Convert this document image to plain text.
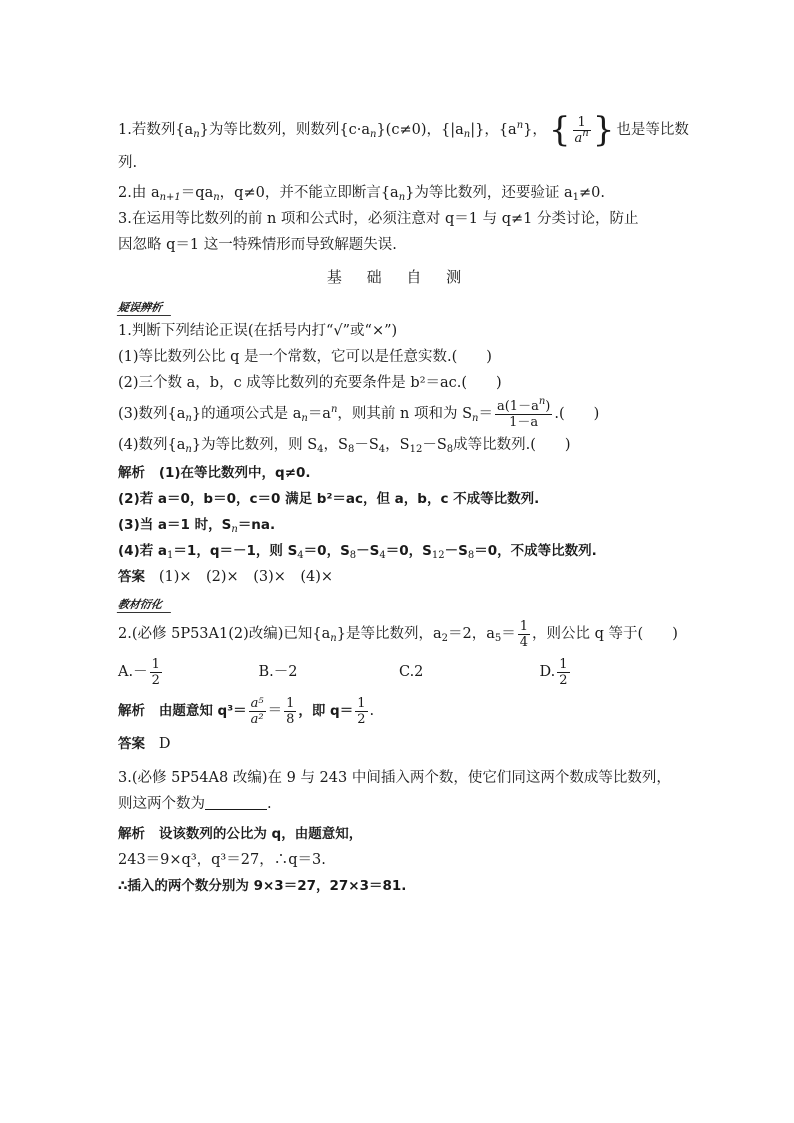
1.若数列$\{a_n\}$为等比数列，则数列$\{c\cdot a_n\}(c\ne 0)$，$\{|a_n|\}$，$\{a^n\}$，{ $\frac{1}{a^n}$ } 也是等比数
列.
2.由 $a_{n+1}=qa_n$，q≠0，并不能立即断言$\{a_n\}$为等比数列，还要验证 $a_1\ne 0$.
3.在运用等比数列的前 n 项和公式时，必须注意对 q＝1 与 q≠1 分类讨论，防止
因忽略 q＝1 这一特殊情形而导致解题失误.
基 础 自 测
疑误辨析
1.判断下列结论正误(在括号内打“√”或“×”)
(1)等比数列公比 q 是一个常数，它可以是任意实数.(　　)
(2)三个数 a，b，c 成等比数列的充要条件是 b²＝ac.(　　)
(3)数列$\{a_n\}$的通项公式是 $a_n=a^n$，则其前 n 项和为 $S_n= \frac{a(1-a^n)}{1-a}$ .(　　)
(4)数列$\{a_n\}$为等比数列，则 $S_4$，$S_8-S_4$，$S_{12}-S_8$成等比数列.(　　)
解析 (1)在等比数列中，q≠0.
(2)若 a＝0，b＝0，c＝0 满足 b²＝ac，但 a，b，c 不成等比数列.
(3)当 a＝1 时，$S_n=na$.
(4)若 $a_1=1$，q＝－1，则 $S_4=0$，$S_8-S_4=0$，$S_{12}-S_8=0$，不成等比数列.
答案 (1)×　(2)×　(3)×　(4)×
教材衍化
2.(必修 5P53A1(2)改编)已知$\{a_n\}$是等比数列，$a_2=2$，$a_5= \frac{1}{4}$ ，则公比 q 等于(　　)
$A.- \frac{1}{2}$	B.－2	C.2	D. $\frac{1}{2}$
解析 由题意知 $q^3= \frac{\text{a⁵}}{\text{a²}} = \frac{1}{8}$ ，即 $q= \frac{1}{2}$ .
答案 D
3.(必修 5P54A8 改编)在 9 与 243 中间插入两个数，使它们同这两个数成等比数列，
则这两个数为	.
解析 设该数列的公比为 q，由题意知，
243＝9×q³，q³＝27，∴q＝3.
∴插入的两个数分别为 9×3＝27，27×3＝81.
